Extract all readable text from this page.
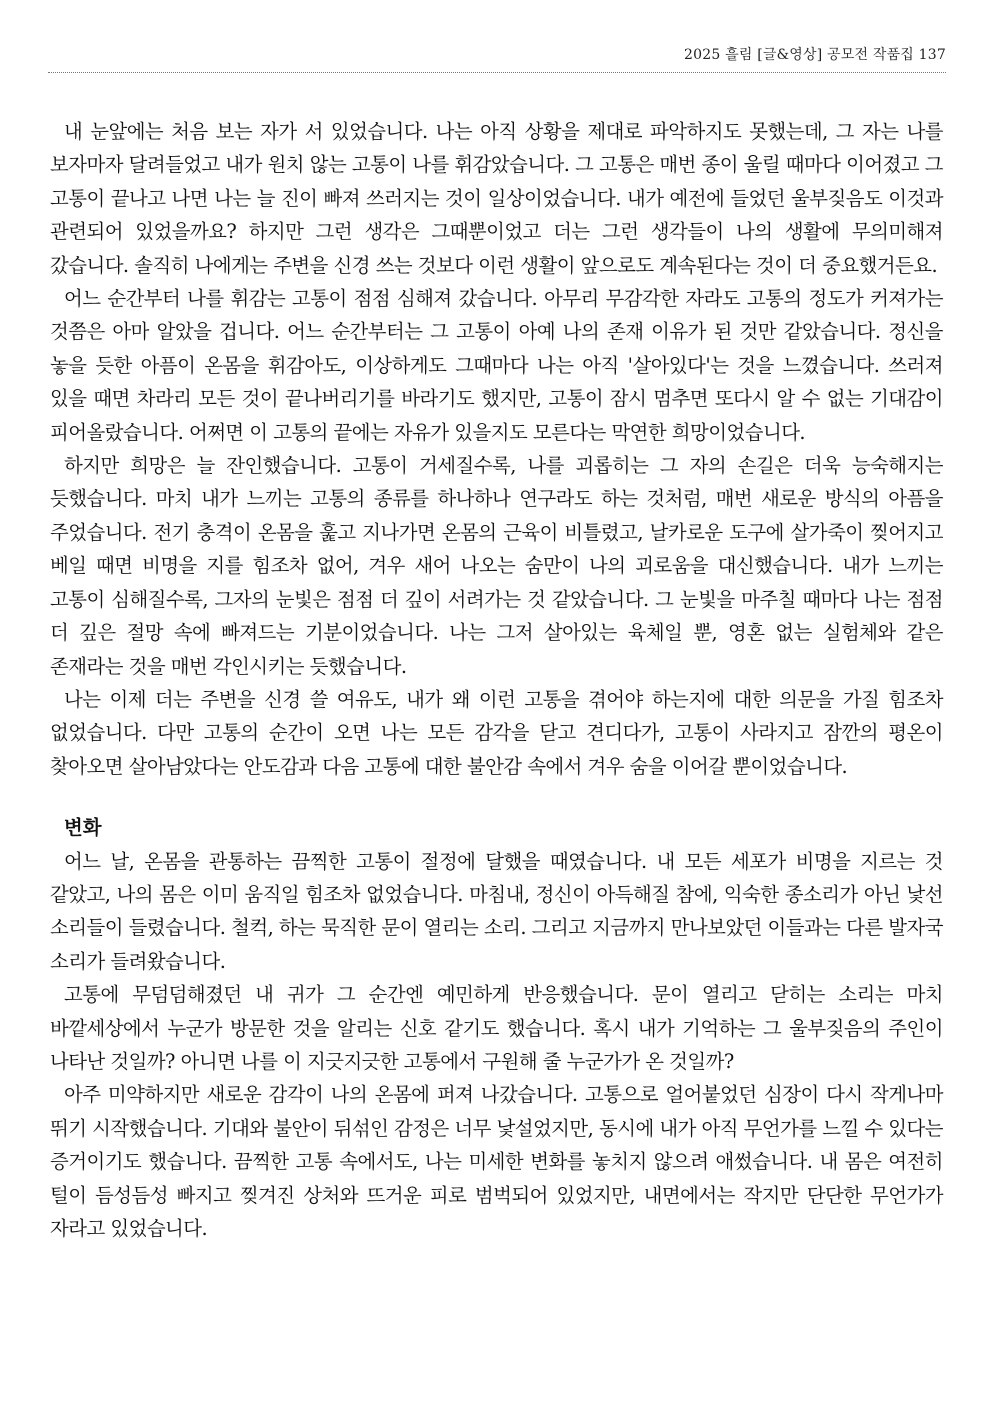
2025 흘림 [글&영상] 공모전 작품집 137

내 눈앞에는 처음 보는 자가 서 있었습니다. 나는 아직 상황을 제대로 파악하지도 못했는데, 그 자는 나를 보자마자 달려들었고 내가 원치 않는 고통이 나를 휘감았습니다. 그 고통은 매번 종이 울릴 때마다 이어졌고 그 고통이 끝나고 나면 나는 늘 진이 빠져 쓰러지는 것이 일상이었습니다. 내가 예전에 들었던 울부짖음도 이것과 관련되어 있었을까요? 하지만 그런 생각은 그때뿐이었고 더는 그런 생각들이 나의 생활에 무의미해져 갔습니다. 솔직히 나에게는 주변을 신경 쓰는 것보다 이런 생활이 앞으로도 계속된다는 것이 더 중요했거든요.

어느 순간부터 나를 휘감는 고통이 점점 심해져 갔습니다. 아무리 무감각한 자라도 고통의 정도가 커져가는 것쯤은 아마 알았을 겁니다. 어느 순간부터는 그 고통이 아예 나의 존재 이유가 된 것만 같았습니다. 정신을 놓을 듯한 아픔이 온몸을 휘감아도, 이상하게도 그때마다 나는 아직 '살아있다'는 것을 느꼈습니다. 쓰러져 있을 때면 차라리 모든 것이 끝나버리기를 바라기도 했지만, 고통이 잠시 멈추면 또다시 알 수 없는 기대감이 피어올랐습니다. 어쩌면 이 고통의 끝에는 자유가 있을지도 모른다는 막연한 희망이었습니다.

하지만 희망은 늘 잔인했습니다. 고통이 거세질수록, 나를 괴롭히는 그 자의 손길은 더욱 능숙해지는 듯했습니다. 마치 내가 느끼는 고통의 종류를 하나하나 연구라도 하는 것처럼, 매번 새로운 방식의 아픔을 주었습니다. 전기 충격이 온몸을 훑고 지나가면 온몸의 근육이 비틀렸고, 날카로운 도구에 살가죽이 찢어지고 베일 때면 비명을 지를 힘조차 없어, 겨우 새어 나오는 숨만이 나의 괴로움을 대신했습니다. 내가 느끼는 고통이 심해질수록, 그자의 눈빛은 점점 더 깊이 서려가는 것 같았습니다. 그 눈빛을 마주칠 때마다 나는 점점 더 깊은 절망 속에 빠져드는 기분이었습니다. 나는 그저 살아있는 육체일 뿐, 영혼 없는 실험체와 같은 존재라는 것을 매번 각인시키는 듯했습니다.

나는 이제 더는 주변을 신경 쓸 여유도, 내가 왜 이런 고통을 겪어야 하는지에 대한 의문을 가질 힘조차 없었습니다. 다만 고통의 순간이 오면 나는 모든 감각을 닫고 견디다가, 고통이 사라지고 잠깐의 평온이 찾아오면 살아남았다는 안도감과 다음 고통에 대한 불안감 속에서 겨우 숨을 이어갈 뿐이었습니다.

변화

어느 날, 온몸을 관통하는 끔찍한 고통이 절정에 달했을 때였습니다. 내 모든 세포가 비명을 지르는 것 같았고, 나의 몸은 이미 움직일 힘조차 없었습니다. 마침내, 정신이 아득해질 참에, 익숙한 종소리가 아닌 낯선 소리들이 들렸습니다. 철컥, 하는 묵직한 문이 열리는 소리. 그리고 지금까지 만나보았던 이들과는 다른 발자국 소리가 들려왔습니다.

고통에 무덤덤해졌던 내 귀가 그 순간엔 예민하게 반응했습니다. 문이 열리고 닫히는 소리는 마치 바깥세상에서 누군가 방문한 것을 알리는 신호 같기도 했습니다. 혹시 내가 기억하는 그 울부짖음의 주인이 나타난 것일까? 아니면 나를 이 지긋지긋한 고통에서 구원해 줄 누군가가 온 것일까?

아주 미약하지만 새로운 감각이 나의 온몸에 퍼져 나갔습니다. 고통으로 얼어붙었던 심장이 다시 작게나마 뛰기 시작했습니다. 기대와 불안이 뒤섞인 감정은 너무 낯설었지만, 동시에 내가 아직 무언가를 느낄 수 있다는 증거이기도 했습니다. 끔찍한 고통 속에서도, 나는 미세한 변화를 놓치지 않으려 애썼습니다. 내 몸은 여전히 털이 듬성듬성 빠지고 찢겨진 상처와 뜨거운 피로 범벅되어 있었지만, 내면에서는 작지만 단단한 무언가가 자라고 있었습니다.
